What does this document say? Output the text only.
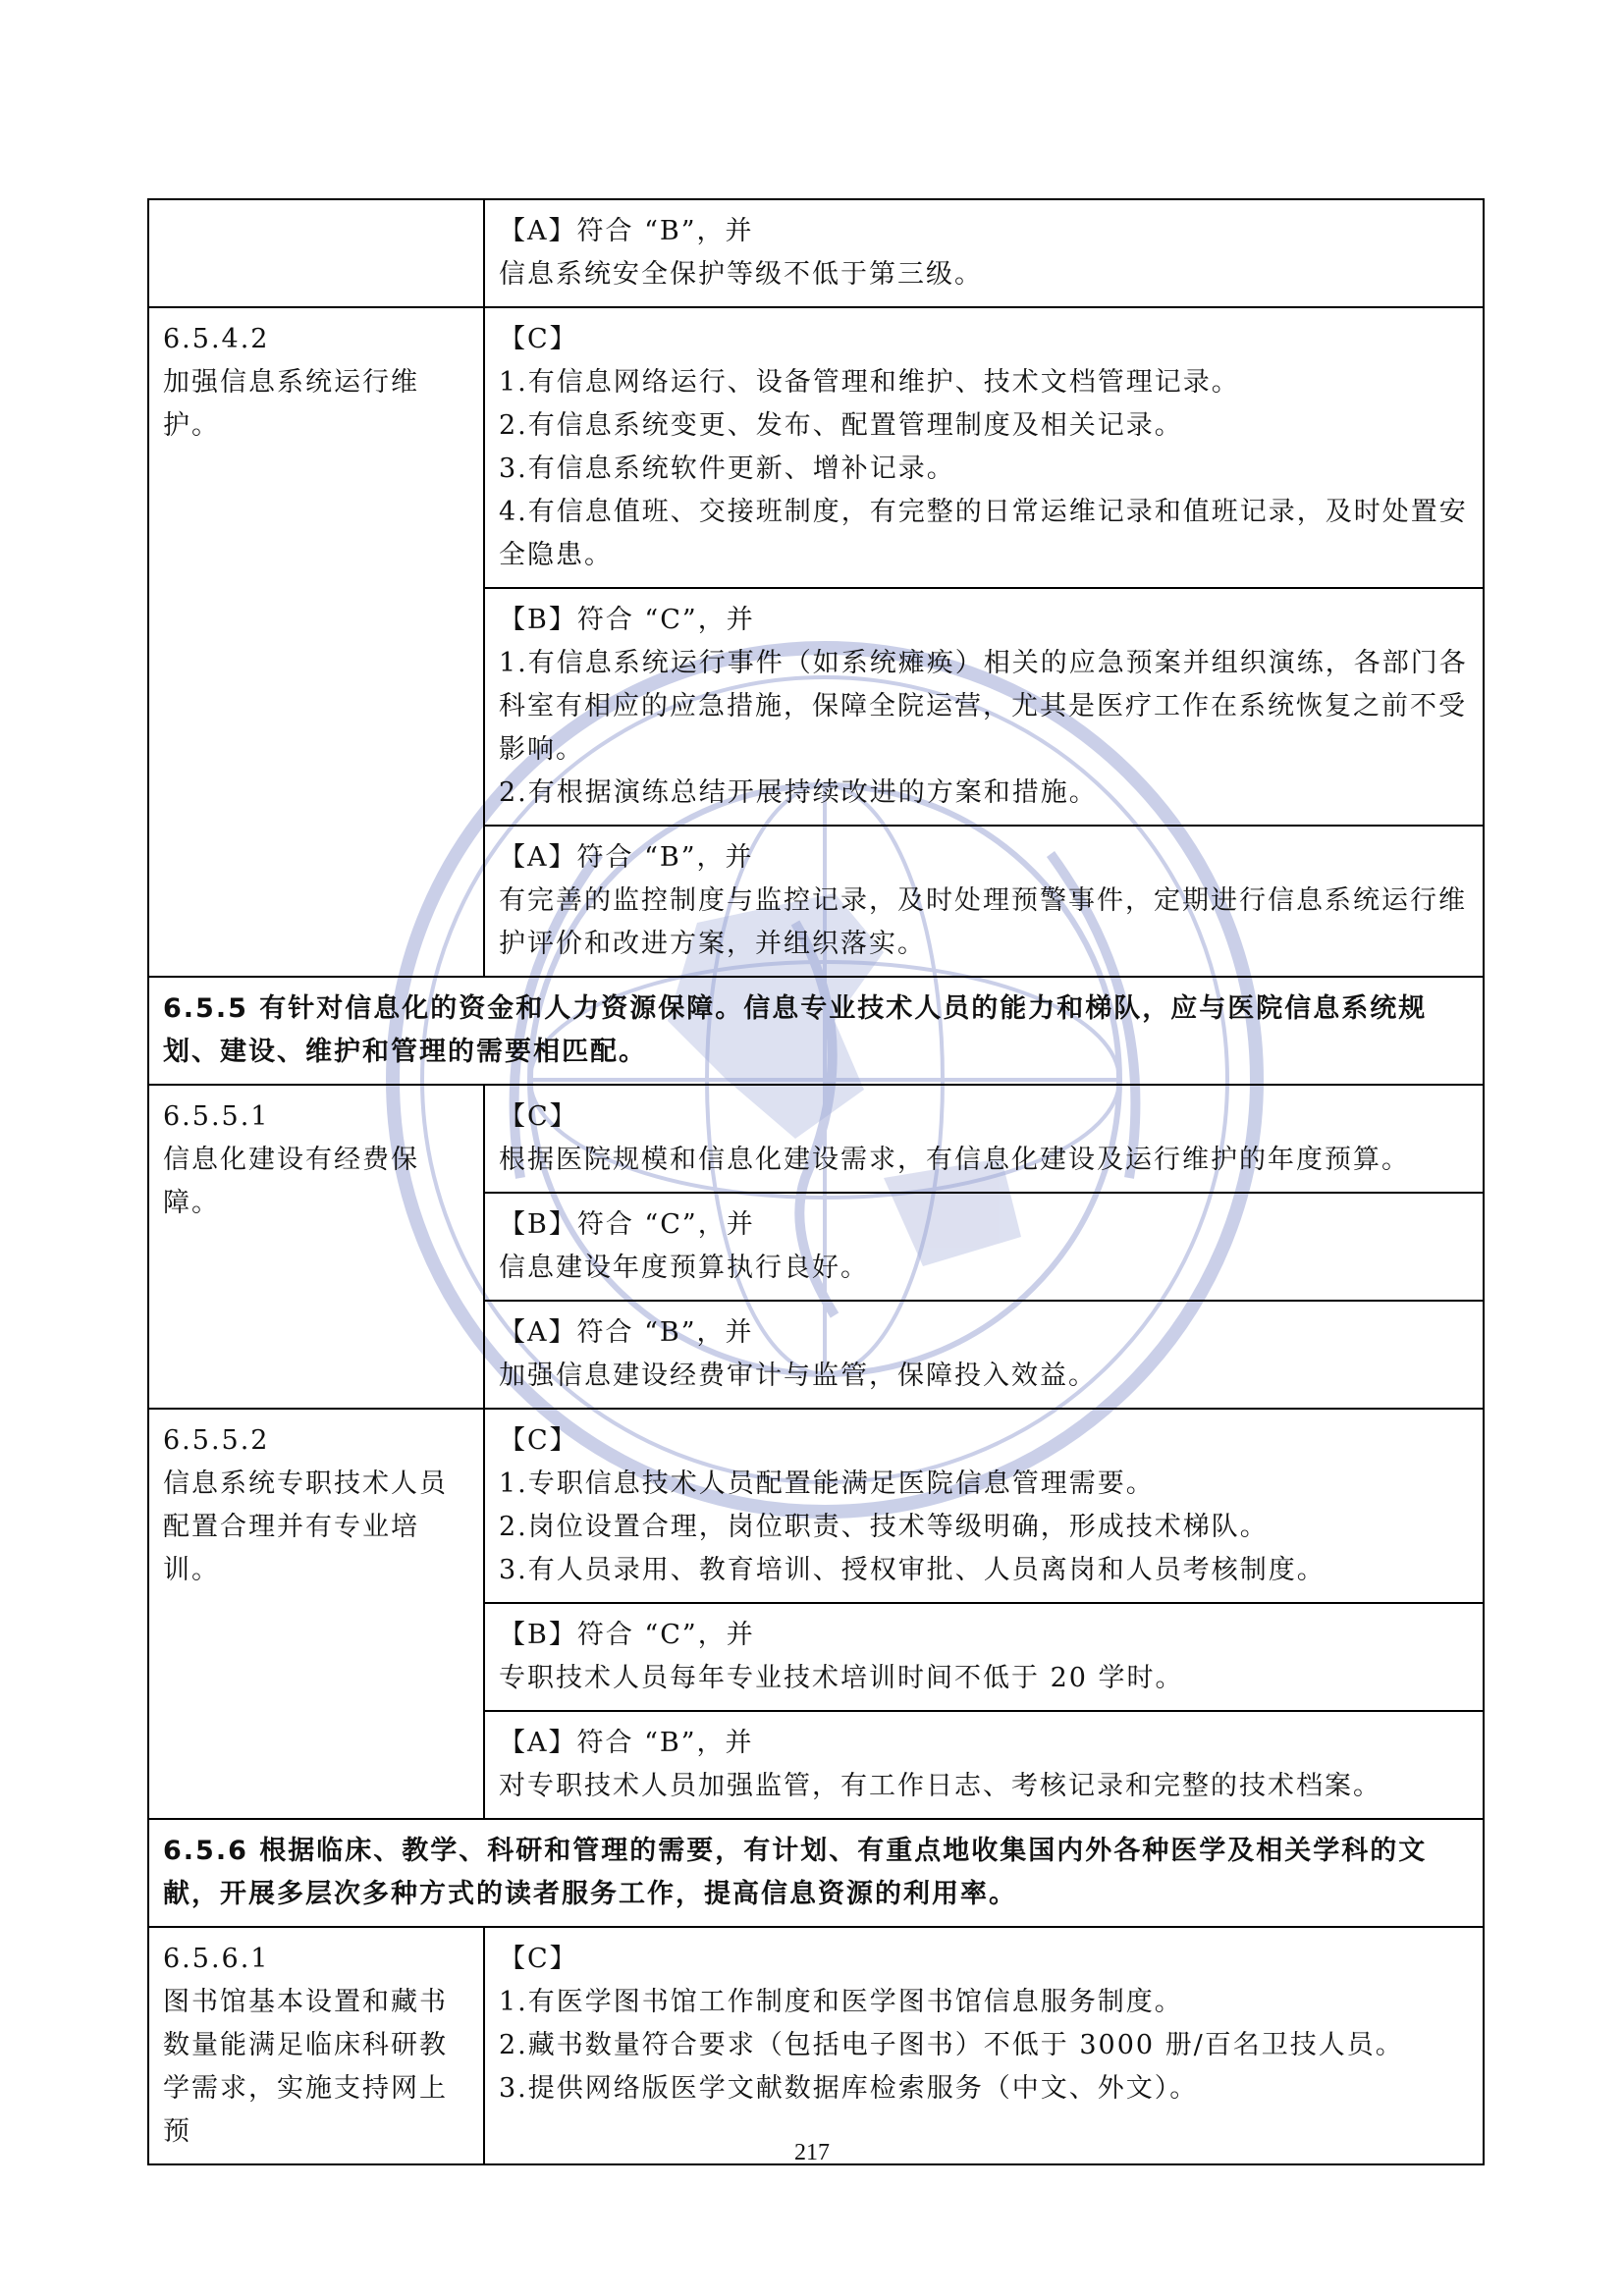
	【A】符合 “B”，并
信息系统安全保护等级不低于第三级。

6.5.4.2
加强信息系统运行维护。	【C】
1.有信息网络运行、设备管理和维护、技术文档管理记录。
2.有信息系统变更、发布、配置管理制度及相关记录。
3.有信息系统软件更新、增补记录。
4.有信息值班、交接班制度，有完整的日常运维记录和值班记录，及时处置安全隐患。

	【B】符合 “C”，并
1.有信息系统运行事件（如系统瘫痪）相关的应急预案并组织演练，各部门各科室有相应的应急措施，保障全院运营，尤其是医疗工作在系统恢复之前不受影响。
2.有根据演练总结开展持续改进的方案和措施。

	【A】符合 “B”，并
有完善的监控制度与监控记录，及时处理预警事件，定期进行信息系统运行维护评价和改进方案，并组织落实。

6.5.5 有针对信息化的资金和人力资源保障。信息专业技术人员的能力和梯队，应与医院信息系统规划、建设、维护和管理的需要相匹配。	

6.5.5.1
信息化建设有经费保障。	【C】
根据医院规模和信息化建设需求，有信息化建设及运行维护的年度预算。

	【B】符合 “C”，并
信息建设年度预算执行良好。

	【A】符合 “B”，并
加强信息建设经费审计与监管，保障投入效益。

6.5.5.2
信息系统专职技术人员配置合理并有专业培训。	【C】
1.专职信息技术人员配置能满足医院信息管理需要。
2.岗位设置合理，岗位职责、技术等级明确，形成技术梯队。
3.有人员录用、教育培训、授权审批、人员离岗和人员考核制度。

	【B】符合 “C”，并
专职技术人员每年专业技术培训时间不低于 20 学时。

	【A】符合 “B”，并
对专职技术人员加强监管，有工作日志、考核记录和完整的技术档案。

6.5.6 根据临床、教学、科研和管理的需要，有计划、有重点地收集国内外各种医学及相关学科的文献，开展多层次多种方式的读者服务工作，提高信息资源的利用率。	

6.5.6.1
图书馆基本设置和藏书数量能满足临床科研教学需求，实施支持网上预	【C】
1.有医学图书馆工作制度和医学图书馆信息服务制度。
2.藏书数量符合要求（包括电子图书）不低于 3000 册/百名卫技人员。
3.提供网络版医学文献数据库检索服务（中文、外文）。
217
